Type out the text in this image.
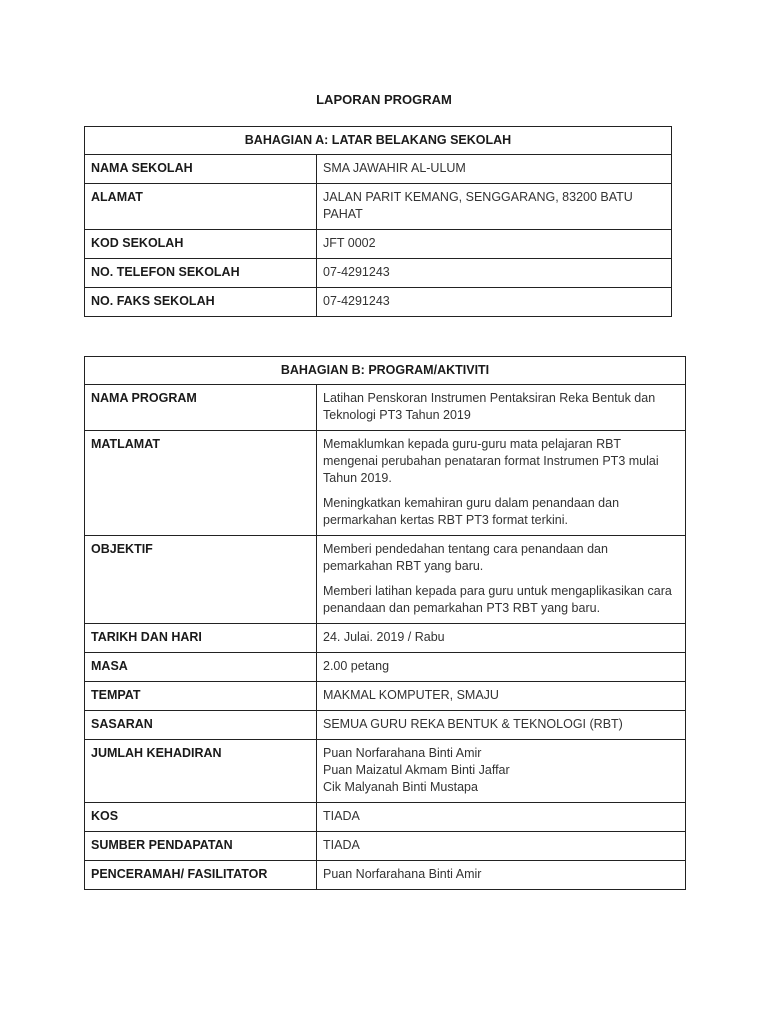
LAPORAN PROGRAM
BAHAGIAN A: LATAR BELAKANG SEKOLAH	
NAMA SEKOLAH	SMA JAWAHIR AL-ULUM
ALAMAT	JALAN PARIT KEMANG, SENGGARANG, 83200 BATU PAHAT
KOD SEKOLAH	JFT 0002
NO. TELEFON SEKOLAH	07-4291243
NO. FAKS SEKOLAH	07-4291243
BAHAGIAN B: PROGRAM/AKTIVITI	
NAMA PROGRAM	Latihan Penskoran Instrumen Pentaksiran Reka Bentuk dan Teknologi PT3 Tahun 2019
MATLAMAT	Memaklumkan kepada guru-guru mata pelajaran RBT mengenai perubahan penataran format Instrumen PT3 mulai Tahun 2019.

Meningkatkan kemahiran guru dalam penandaan dan permarkahan kertas RBT PT3 format terkini.

OBJEKTIF	Memberi pendedahan tentang cara penandaan dan pemarkahan RBT yang baru.

Memberi latihan kepada para guru untuk mengaplikasikan cara penandaan dan pemarkahan PT3 RBT yang baru.

TARIKH DAN HARI	24. Julai. 2019 / Rabu
MASA	2.00 petang
TEMPAT	MAKMAL KOMPUTER, SMAJU
SASARAN	SEMUA GURU REKA BENTUK & TEKNOLOGI (RBT)
JUMLAH KEHADIRAN	Puan Norfarahana Binti Amir
Puan Maizatul Akmam Binti Jaffar
Cik Malyanah Binti Mustapa

KOS	TIADA
SUMBER PENDAPATAN	TIADA
PENCERAMAH/ FASILITATOR	Puan Norfarahana Binti Amir
